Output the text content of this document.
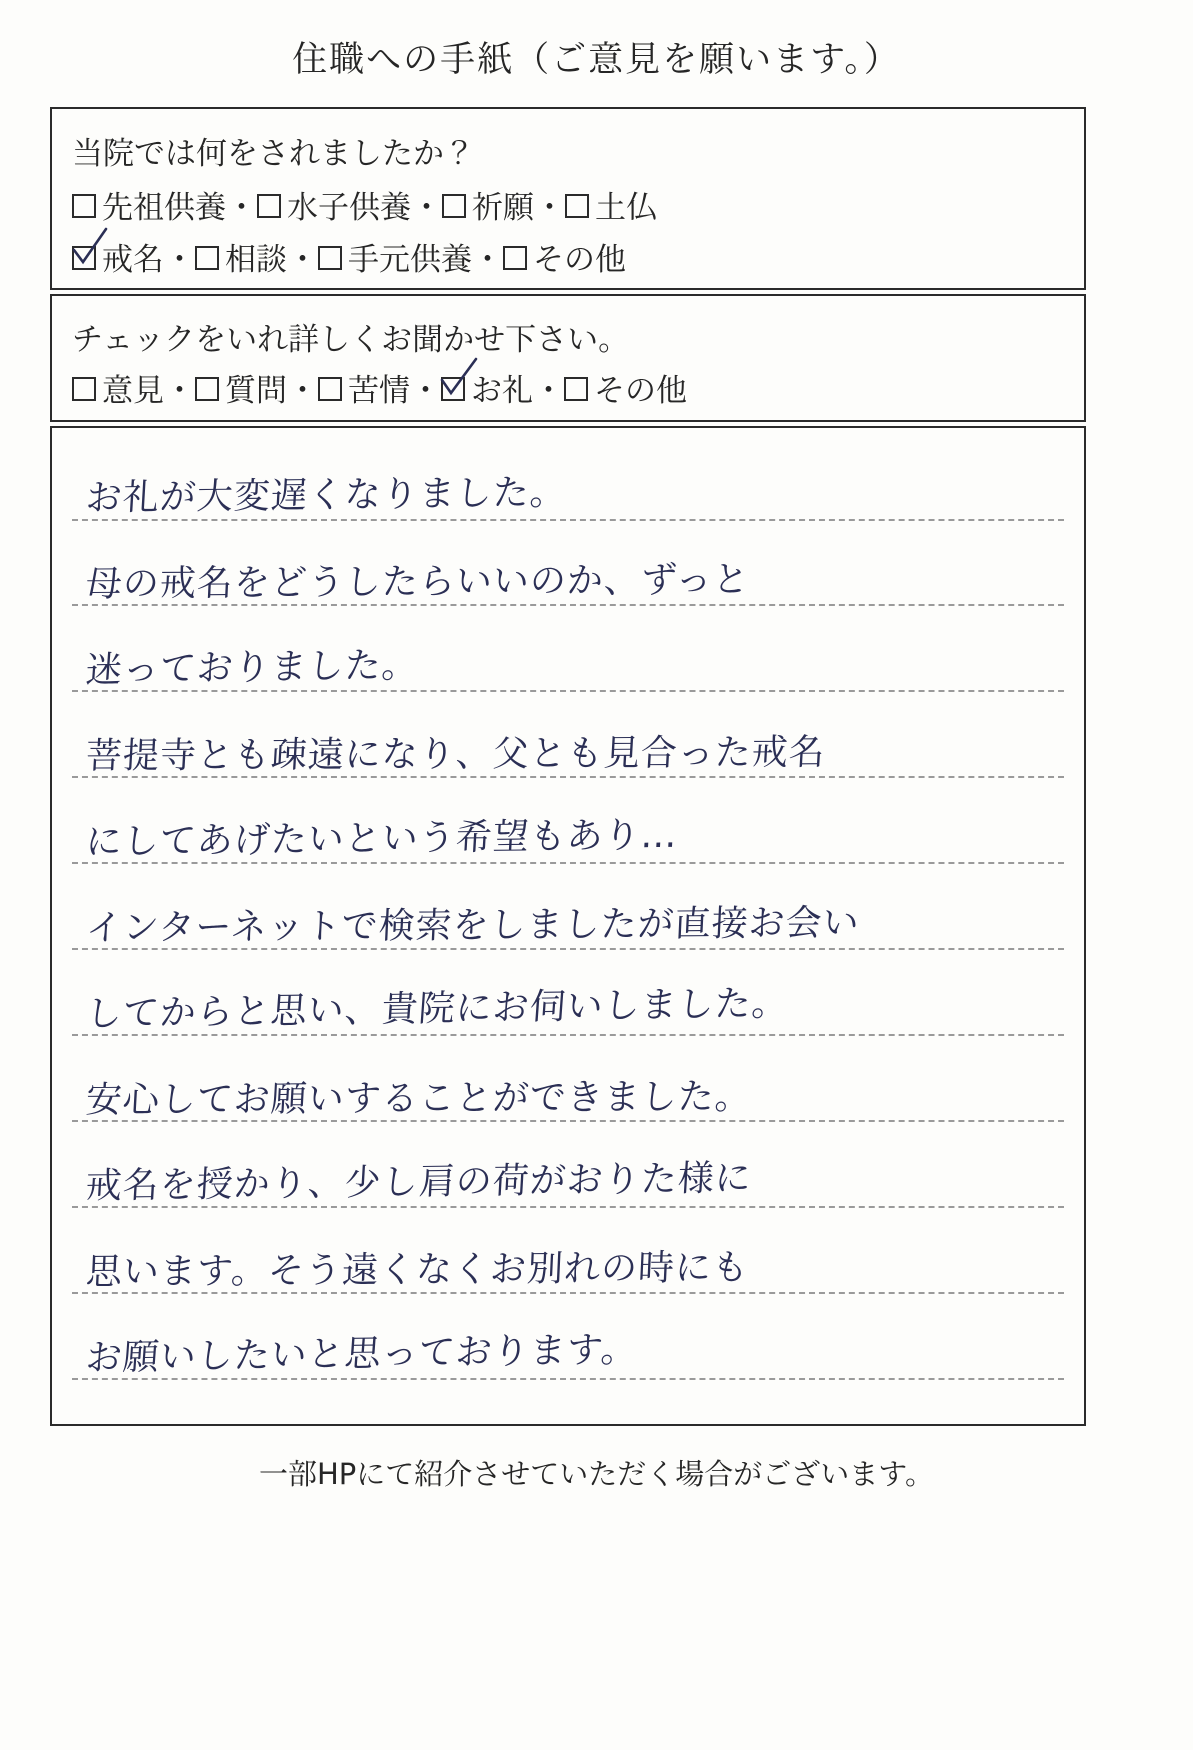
住職への手紙（ご意見を願います。）
当院では何をされましたか？
先祖供養 ・ 水子供養 ・ 祈願 ・ 土仏
戒名 ・ 相談 ・ 手元供養 ・ その他
チェックをいれ詳しくお聞かせ下さい。
意見 ・ 質問 ・ 苦情 ・ お礼 ・ その他
お礼が大変遅くなりました。
母の戒名をどうしたらいいのか、ずっと
迷っておりました。
菩提寺とも疎遠になり、父とも見合った戒名
にしてあげたいという希望もあり…
インターネットで検索をしましたが直接お会い
してからと思い、貴院にお伺いしました。
安心してお願いすることができました。
戒名を授かり、少し肩の荷がおりた様に
思います。そう遠くなくお別れの時にも
お願いしたいと思っております。
一部HPにて紹介させていただく場合がございます。
